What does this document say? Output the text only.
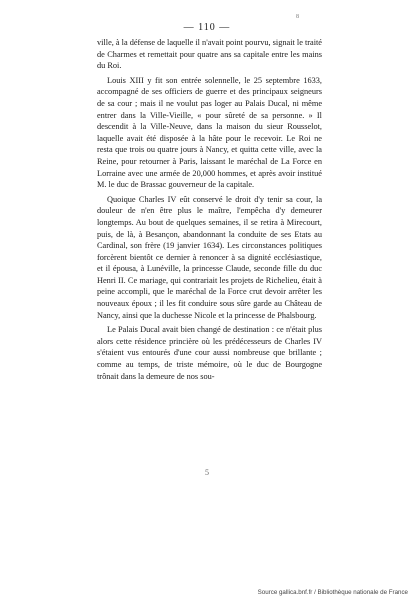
— 110 —
8

ville, à la défense de laquelle il n'avait point pourvu, signait le traité de Charmes et remettait pour quatre ans sa capitale entre les mains du Roi.

Louis XIII y fit son entrée solennelle, le 25 septembre 1633, accompagné de ses officiers de guerre et des principaux seigneurs de sa cour ; mais il ne voulut pas loger au Palais Ducal, ni même entrer dans la Ville-Vieille, « pour sûreté de sa personne. » Il descendit à la Ville-Neuve, dans la maison du sieur Rousselot, laquelle avait été disposée à la hâte pour le recevoir. Le Roi ne resta que trois ou quatre jours à Nancy, et quitta cette ville, avec la Reine, pour retourner à Paris, laissant le maréchal de La Force en Lorraine avec une armée de 20,000 hommes, et après avoir institué M. le duc de Brassac gouverneur de la capitale.

Quoique Charles IV eût conservé le droit d'y tenir sa cour, la douleur de n'en être plus le maître, l'empêcha d'y demeurer longtemps. Au bout de quelques semaines, il se retira à Mirecourt, puis, de là, à Besançon, abandonnant la conduite de ses Etats au Cardinal, son frère (19 janvier 1634). Les circonstances politiques forcèrent bientôt ce dernier à renoncer à sa dignité ecclésiastique, et il épousa, à Lunéville, la princesse Claude, seconde fille du duc Henri II. Ce mariage, qui contrariait les projets de Richelieu, était à peine accompli, que le maréchal de la Force crut devoir arrêter les nouveaux époux ; il les fit conduire sous sûre garde au Château de Nancy, ainsi que la duchesse Nicole et la princesse de Phalsbourg.

Le Palais Ducal avait bien changé de destination : ce n'était plus alors cette résidence princière où les prédécesseurs de Charles IV s'étaient vus entourés d'une cour aussi nombreuse que brillante ; comme au temps, de triste mémoire, où le duc de Bourgogne trônait dans la demeure de nos sou-

5
Source gallica.bnf.fr / Bibliothèque nationale de France
